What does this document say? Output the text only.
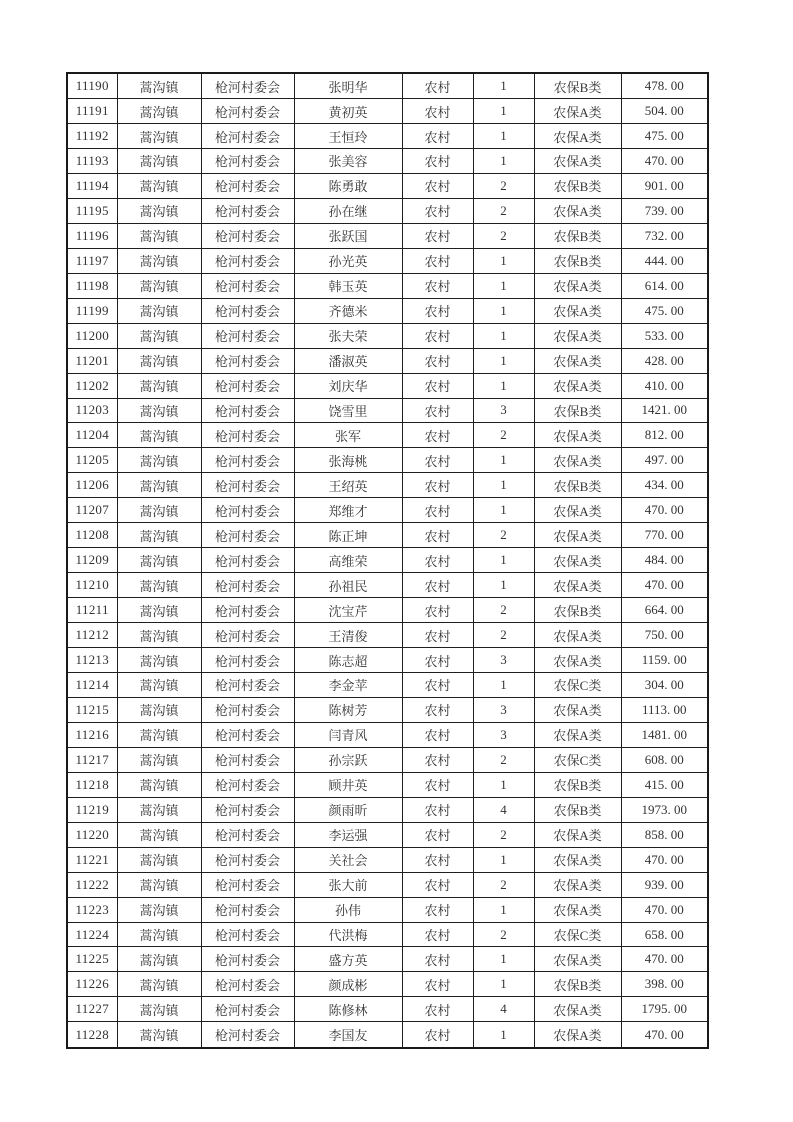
11190	蒿沟镇	枪河村委会	张明华	农村	1	农保B类	478. 00
11191	蒿沟镇	枪河村委会	黄初英	农村	1	农保A类	504. 00
11192	蒿沟镇	枪河村委会	王恒玲	农村	1	农保A类	475. 00
11193	蒿沟镇	枪河村委会	张美容	农村	1	农保A类	470. 00
11194	蒿沟镇	枪河村委会	陈勇敢	农村	2	农保B类	901. 00
11195	蒿沟镇	枪河村委会	孙在继	农村	2	农保A类	739. 00
11196	蒿沟镇	枪河村委会	张跃国	农村	2	农保B类	732. 00
11197	蒿沟镇	枪河村委会	孙光英	农村	1	农保B类	444. 00
11198	蒿沟镇	枪河村委会	韩玉英	农村	1	农保A类	614. 00
11199	蒿沟镇	枪河村委会	齐德米	农村	1	农保A类	475. 00
11200	蒿沟镇	枪河村委会	张夫荣	农村	1	农保A类	533. 00
11201	蒿沟镇	枪河村委会	潘淑英	农村	1	农保A类	428. 00
11202	蒿沟镇	枪河村委会	刘庆华	农村	1	农保A类	410. 00
11203	蒿沟镇	枪河村委会	饶雪里	农村	3	农保B类	1421. 00
11204	蒿沟镇	枪河村委会	张军	农村	2	农保A类	812. 00
11205	蒿沟镇	枪河村委会	张海桃	农村	1	农保A类	497. 00
11206	蒿沟镇	枪河村委会	王绍英	农村	1	农保B类	434. 00
11207	蒿沟镇	枪河村委会	郑维才	农村	1	农保A类	470. 00
11208	蒿沟镇	枪河村委会	陈正坤	农村	2	农保A类	770. 00
11209	蒿沟镇	枪河村委会	高维荣	农村	1	农保A类	484. 00
11210	蒿沟镇	枪河村委会	孙祖民	农村	1	农保A类	470. 00
11211	蒿沟镇	枪河村委会	沈宝芹	农村	2	农保B类	664. 00
11212	蒿沟镇	枪河村委会	王清俊	农村	2	农保A类	750. 00
11213	蒿沟镇	枪河村委会	陈志超	农村	3	农保A类	1159. 00
11214	蒿沟镇	枪河村委会	李金苹	农村	1	农保C类	304. 00
11215	蒿沟镇	枪河村委会	陈树芳	农村	3	农保A类	1113. 00
11216	蒿沟镇	枪河村委会	闫青风	农村	3	农保A类	1481. 00
11217	蒿沟镇	枪河村委会	孙宗跃	农村	2	农保C类	608. 00
11218	蒿沟镇	枪河村委会	顾井英	农村	1	农保B类	415. 00
11219	蒿沟镇	枪河村委会	颜雨昕	农村	4	农保B类	1973. 00
11220	蒿沟镇	枪河村委会	李运强	农村	2	农保A类	858. 00
11221	蒿沟镇	枪河村委会	关社会	农村	1	农保A类	470. 00
11222	蒿沟镇	枪河村委会	张大前	农村	2	农保A类	939. 00
11223	蒿沟镇	枪河村委会	孙伟	农村	1	农保A类	470. 00
11224	蒿沟镇	枪河村委会	代洪梅	农村	2	农保C类	658. 00
11225	蒿沟镇	枪河村委会	盛方英	农村	1	农保A类	470. 00
11226	蒿沟镇	枪河村委会	颜成彬	农村	1	农保B类	398. 00
11227	蒿沟镇	枪河村委会	陈修林	农村	4	农保A类	1795. 00
11228	蒿沟镇	枪河村委会	李国友	农村	1	农保A类	470. 00
